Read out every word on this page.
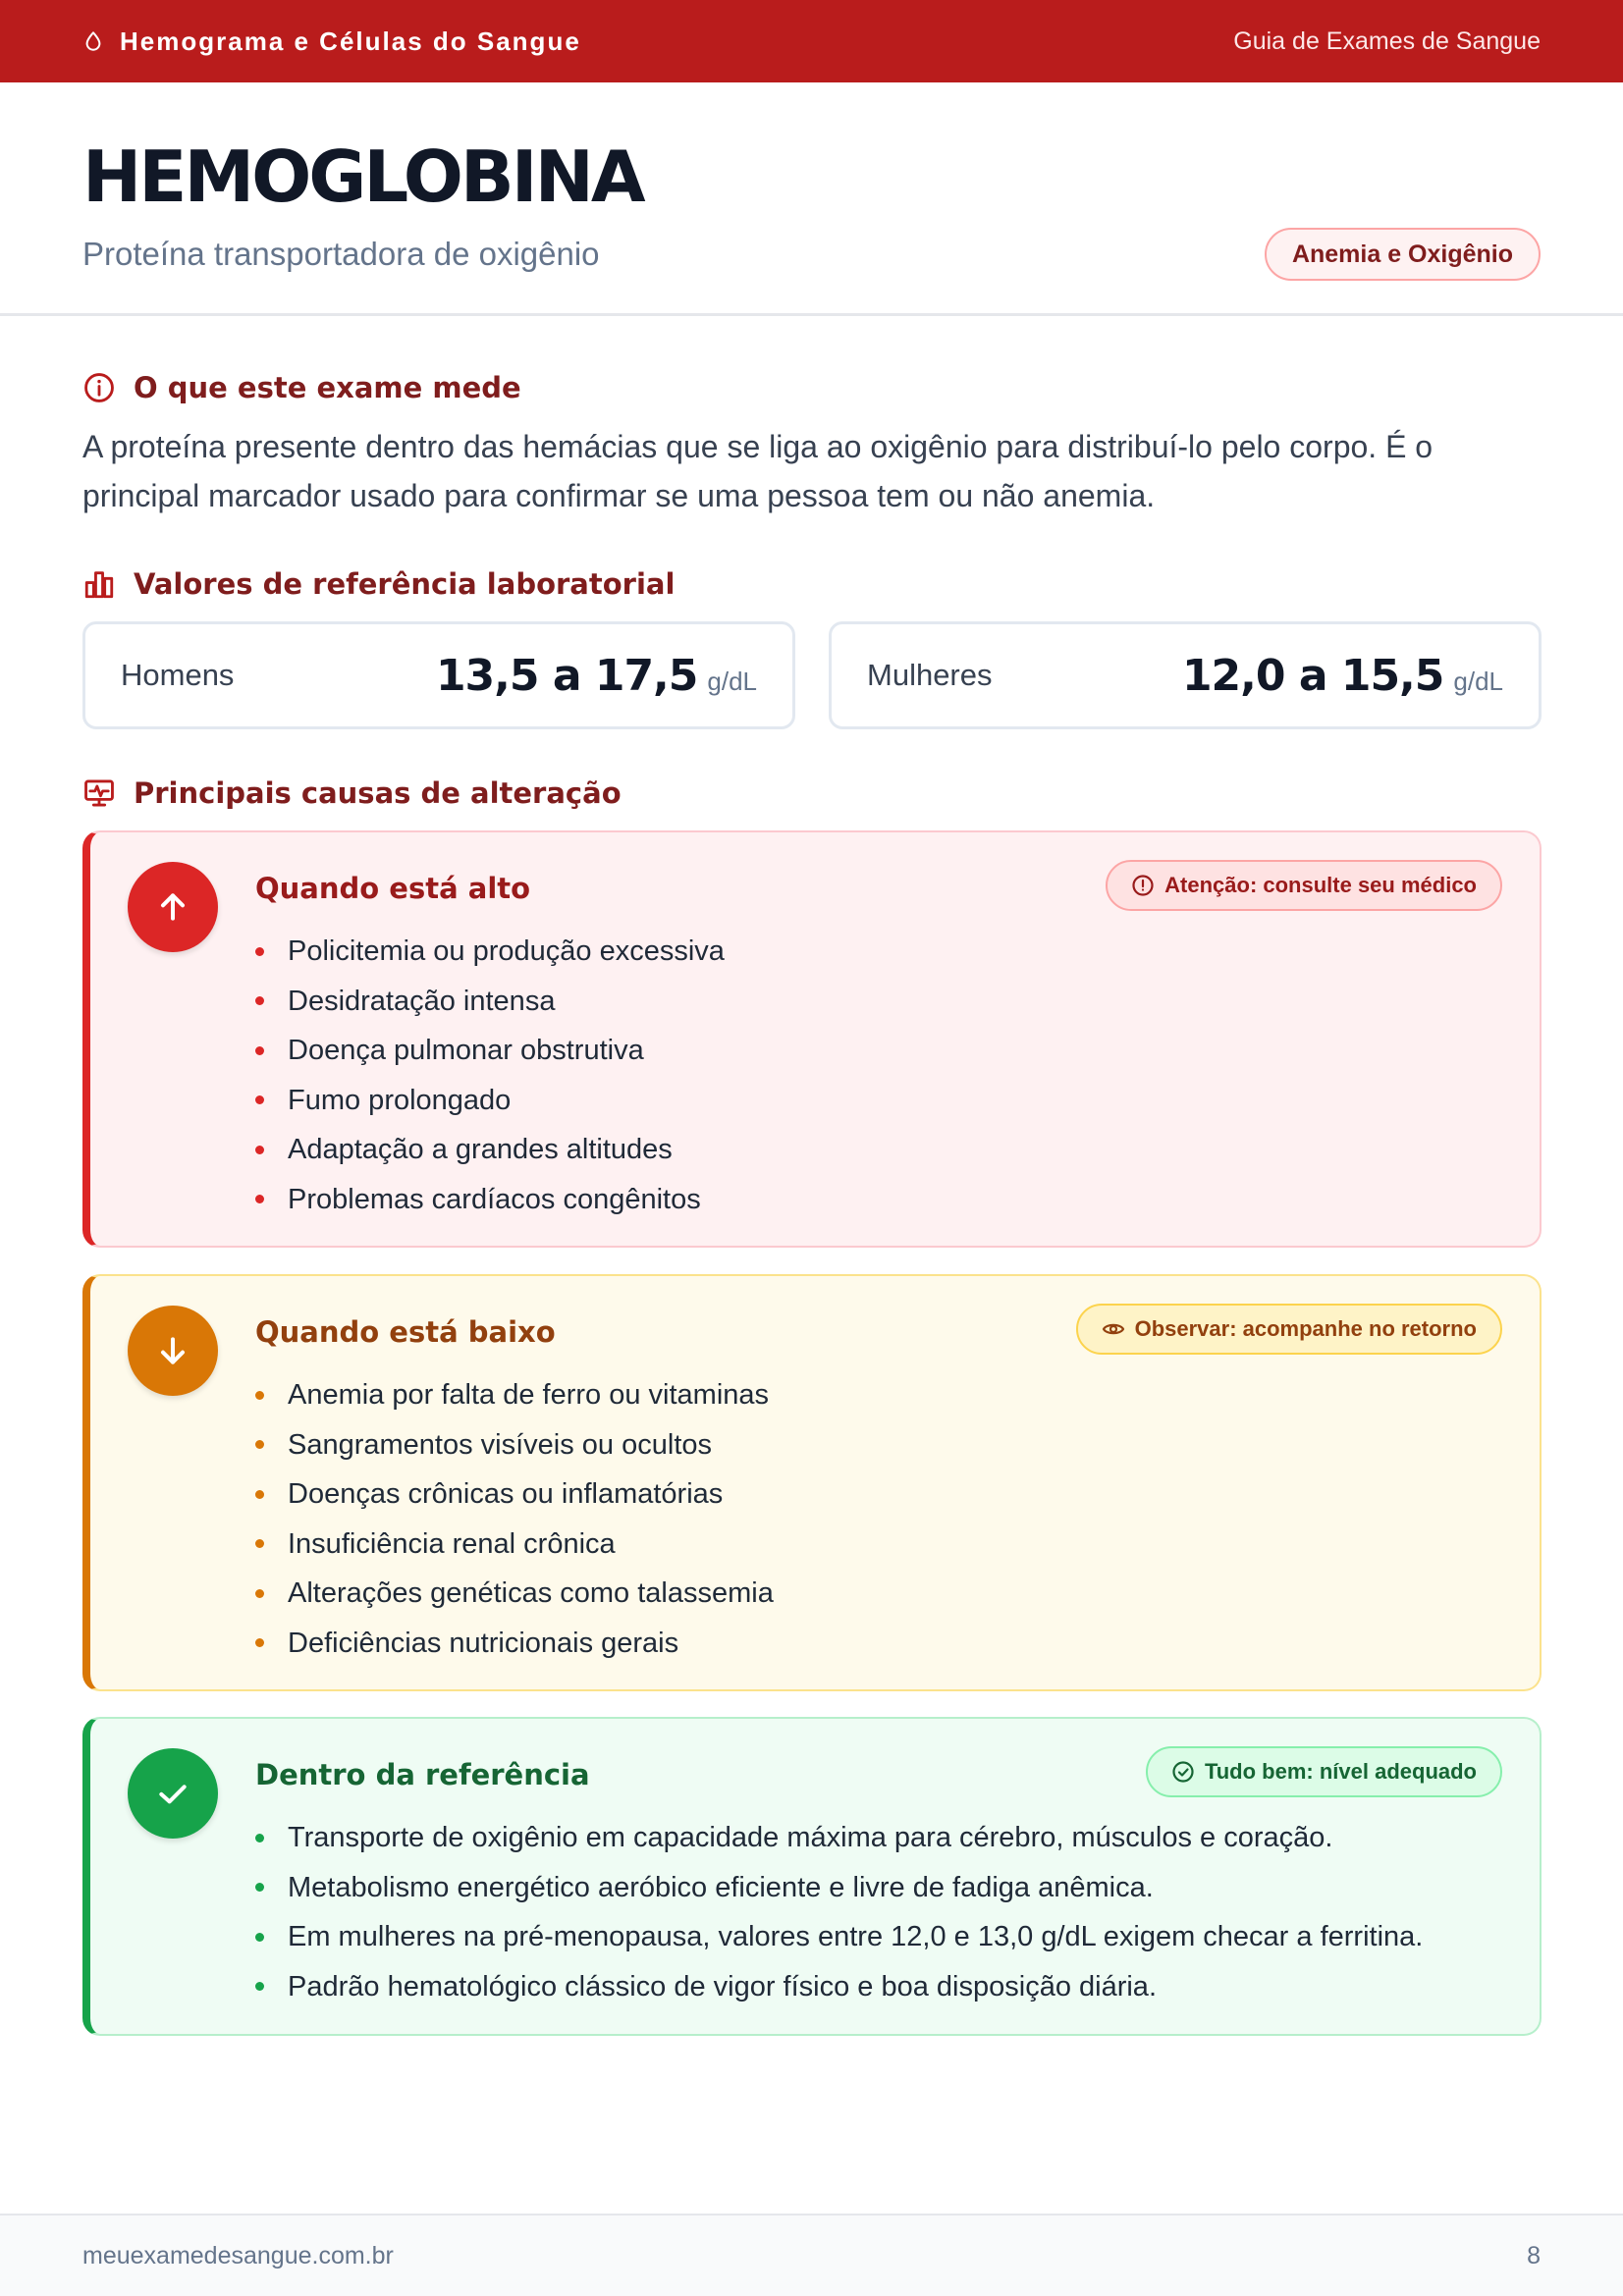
Hemograma e Células do Sangue	Guia de Exames de Sangue
HEMOGLOBINA
Proteína transportadora de oxigênio	Anemia e Oxigênio
O que este exame mede

A proteína presente dentro das hemácias que se liga ao oxigênio para distribuí-lo pelo corpo. É o principal marcador usado para confirmar se uma pessoa tem ou não anemia.

Valores de referência laboratorial
Homens	13,5 a 17,5 g/dL	Mulheres	12,0 a 15,5 g/dL
Principais causas de alteração
Quando está alto	Atenção: consulte seu médico
Policitemia ou produção excessiva
Desidratação intensa
Doença pulmonar obstrutiva
Fumo prolongado
Adaptação a grandes altitudes
Problemas cardíacos congênitos
Quando está baixo	Observar: acompanhe no retorno
Anemia por falta de ferro ou vitaminas
Sangramentos visíveis ou ocultos
Doenças crônicas ou inflamatórias
Insuficiência renal crônica
Alterações genéticas como talassemia
Deficiências nutricionais gerais
Dentro da referência	Tudo bem: nível adequado
Transporte de oxigênio em capacidade máxima para cérebro, músculos e coração.
Metabolismo energético aeróbico eficiente e livre de fadiga anêmica.
Em mulheres na pré-menopausa, valores entre 12,0 e 13,0 g/dL exigem checar a ferritina.
Padrão hematológico clássico de vigor físico e boa disposição diária.
meuexamedesangue.com.br	8
